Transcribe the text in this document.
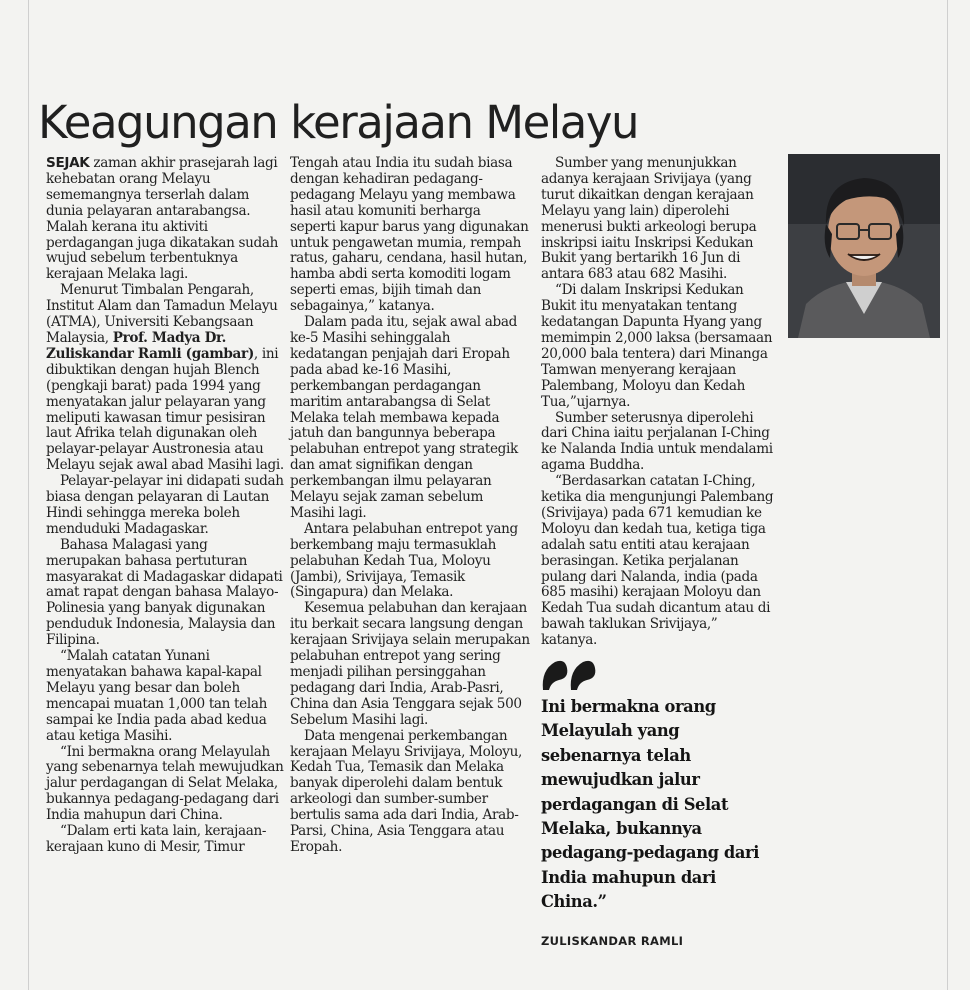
Keagungan kerajaan Melayu

SEJAK zaman akhir prasejarah lagi kehebatan orang Melayu sememangnya terserlah dalam dunia pelayaran antarabangsa. Malah kerana itu aktiviti perdagangan juga dikatakan sudah wujud sebelum terbentuknya kerajaan Melaka lagi.

Menurut Timbalan Pengarah, Institut Alam dan Tamadun Melayu (ATMA), Universiti Kebangsaan Malaysia, Prof. Madya Dr. Zuliskandar Ramli (gambar), ini dibuktikan dengan hujah Blench (pengkaji barat) pada 1994 yang menyatakan jalur pelayaran yang meliputi kawasan timur pesisiran laut Afrika telah digunakan oleh pelayar-pelayar Austronesia atau Melayu sejak awal abad Masihi lagi.

Pelayar-pelayar ini didapati sudah biasa dengan pelayaran di Lautan Hindi sehingga mereka boleh menduduki Madagaskar.

Bahasa Malagasi yang merupakan bahasa pertuturan masyarakat di Madagaskar didapati amat rapat dengan bahasa Malayo-Polinesia yang banyak digunakan penduduk Indonesia, Malaysia dan Filipina.

“Malah catatan Yunani menyatakan bahawa kapal-kapal Melayu yang besar dan boleh mencapai muatan 1,000 tan telah sampai ke India pada abad kedua atau ketiga Masihi.

“Ini bermakna orang Melayulah yang sebenarnya telah mewujudkan jalur perdagangan di Selat Melaka, bukannya pedagang-pedagang dari India mahupun dari China.

“Dalam erti kata lain, kerajaan-kerajaan kuno di Mesir, Timur

Tengah atau India itu sudah biasa dengan kehadiran pedagang-pedagang Melayu yang membawa hasil atau komuniti berharga seperti kapur barus yang digunakan untuk pengawetan mumia, rempah ratus, gaharu, cendana, hasil hutan, hamba abdi serta komoditi logam seperti emas, bijih timah dan sebagainya,” katanya.

Dalam pada itu, sejak awal abad ke-5 Masihi sehinggalah kedatangan penjajah dari Eropah pada abad ke-16 Masihi, perkembangan perdagangan maritim antarabangsa di Selat Melaka telah membawa kepada jatuh dan bangunnya beberapa pelabuhan entrepot yang strategik dan amat signifikan dengan perkembangan ilmu pelayaran Melayu sejak zaman sebelum Masihi lagi.

Antara pelabuhan entrepot yang berkembang maju termasuklah pelabuhan Kedah Tua, Moloyu (Jambi), Srivijaya, Temasik (Singapura) dan Melaka.

Kesemua pelabuhan dan kerajaan itu berkait secara langsung dengan kerajaan Srivijaya selain merupakan pelabuhan entrepot yang sering menjadi pilihan persinggahan pedagang dari India, Arab-Pasri, China dan Asia Tenggara sejak 500 Sebelum Masihi lagi.

Data mengenai perkembangan kerajaan Melayu Srivijaya, Moloyu, Kedah Tua, Temasik dan Melaka banyak diperolehi dalam bentuk arkeologi dan sumber-sumber bertulis sama ada dari India, Arab-Parsi, China, Asia Tenggara atau Eropah.

Sumber yang menunjukkan adanya kerajaan Srivijaya (yang turut dikaitkan dengan kerajaan Melayu yang lain) diperolehi menerusi bukti arkeologi berupa inskripsi iaitu Inskripsi Kedukan Bukit yang bertarikh 16 Jun di antara 683 atau 682 Masihi.

“Di dalam Inskripsi Kedukan Bukit itu menyatakan tentang kedatangan Dapunta Hyang yang memimpin 2,000 laksa (bersamaan 20,000 bala tentera) dari Minanga Tamwan menyerang kerajaan Palembang, Moloyu dan Kedah Tua,”ujarnya.

Sumber seterusnya diperolehi dari China iaitu perjalanan I-Ching ke Nalanda India untuk mendalami agama Buddha.

“Berdasarkan catatan I-Ching, ketika dia mengunjungi Palembang (Srivijaya) pada 671 kemudian ke Moloyu dan kedah tua, ketiga tiga adalah satu entiti atau kerajaan berasingan. Ketika perjalanan pulang dari Nalanda, india (pada 685 masihi) kerajaan Moloyu dan Kedah Tua sudah dicantum atau di bawah taklukan Srivijaya,” katanya.

Ini bermakna orang Melayulah yang sebenarnya telah mewujudkan jalur perdagangan di Selat Melaka, bukannya pedagang-pedagang dari India mahupun dari China.”

ZULISKANDAR RAMLI
